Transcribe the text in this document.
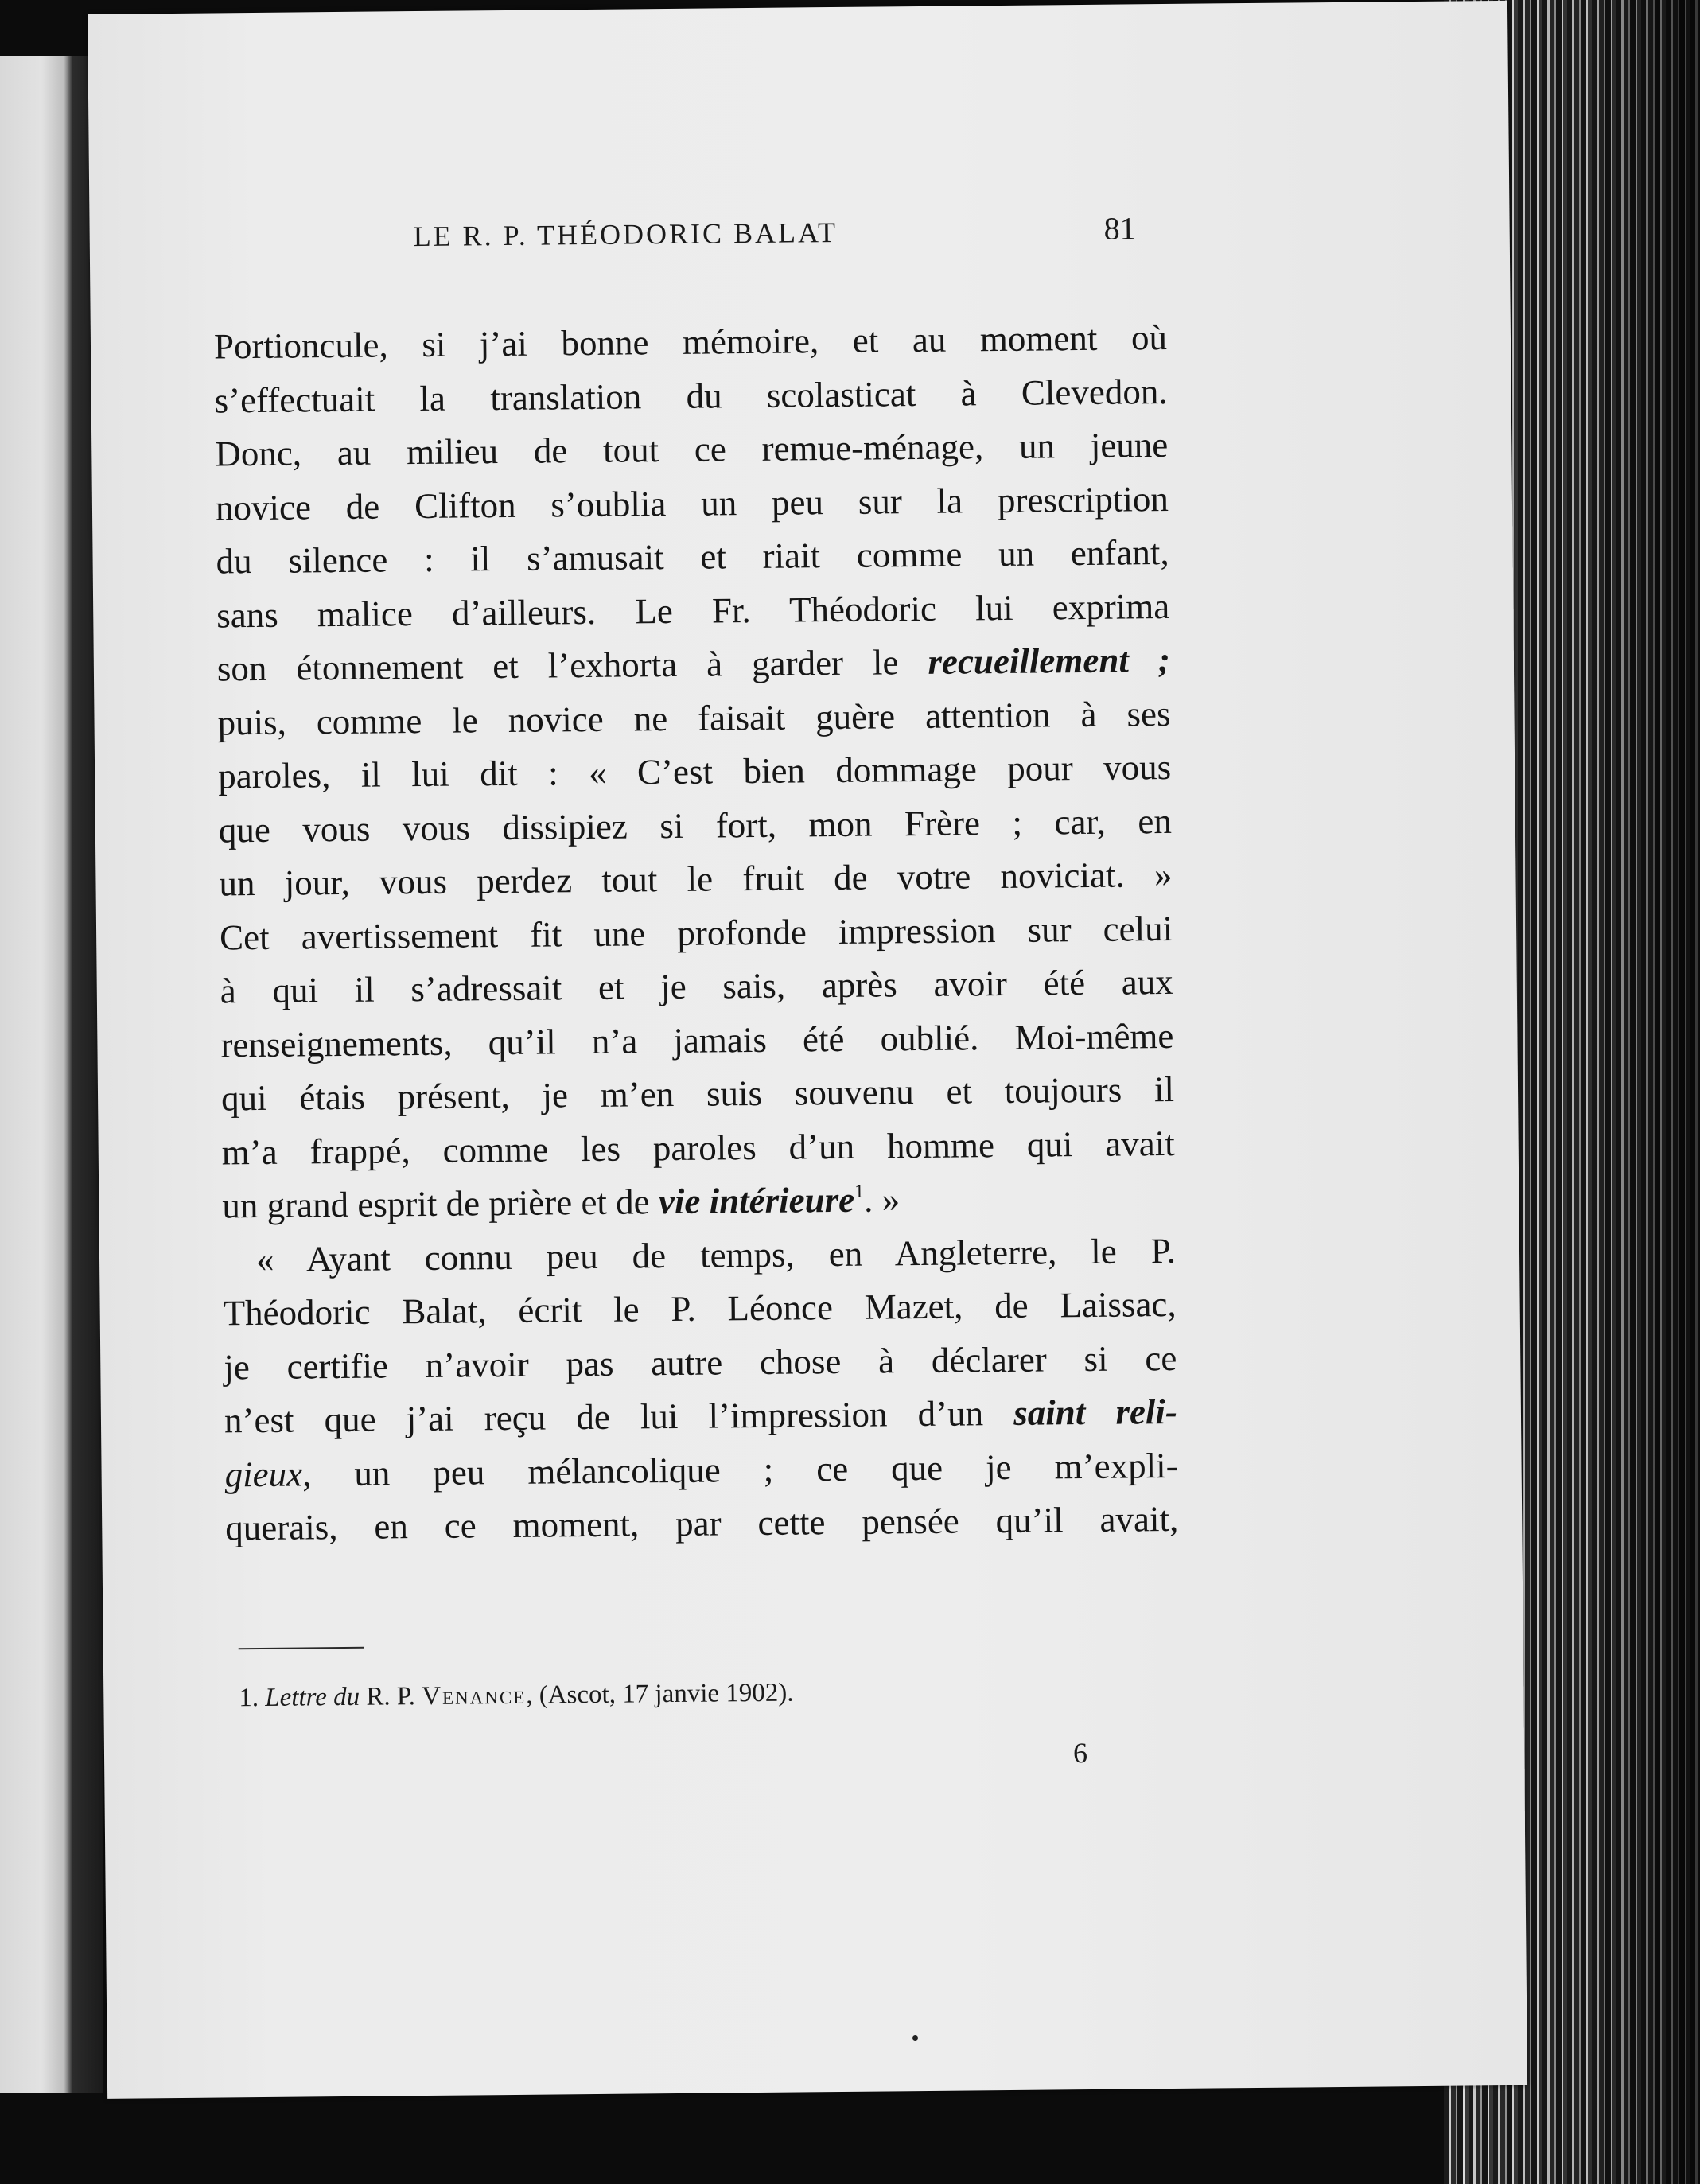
LE R. P. THÉODORIC BALAT	81
Portioncule, si j’ai bonne mémoire, et au moment où
s’effectuait la translation du scolasticat à Clevedon.
Donc, au milieu de tout ce remue-ménage, un jeune
novice de Clifton s’oublia un peu sur la prescription
du silence : il s’amusait et riait comme un enfant,
sans malice d’ailleurs. Le Fr. Théodoric lui exprima
son étonnement et l’exhorta à garder le recueillement ;
puis, comme le novice ne faisait guère attention à ses
paroles, il lui dit : « C’est bien dommage pour vous
que vous vous dissipiez si fort, mon Frère ; car, en
un jour, vous perdez tout le fruit de votre noviciat. »
Cet avertissement fit une profonde impression sur celui
à qui il s’adressait et je sais, après avoir été aux
renseignements, qu’il n’a jamais été oublié. Moi-même
qui étais présent, je m’en suis souvenu et toujours il
m’a frappé, comme les paroles d’un homme qui avait
un grand esprit de prière et de vie intérieure$^1$. »
« Ayant connu peu de temps, en Angleterre, le P.
Théodoric Balat, écrit le P. Léonce Mazet, de Laissac,
je certifie n’avoir pas autre chose à déclarer si ce
n’est que j’ai reçu de lui l’impression d’un saint reli-
gieux, un peu mélancolique ; ce que je m’expli-
querais, en ce moment, par cette pensée qu’il avait,
1. Lettre du R. P. Venance, (Ascot, 17 janvie 1902).
6
